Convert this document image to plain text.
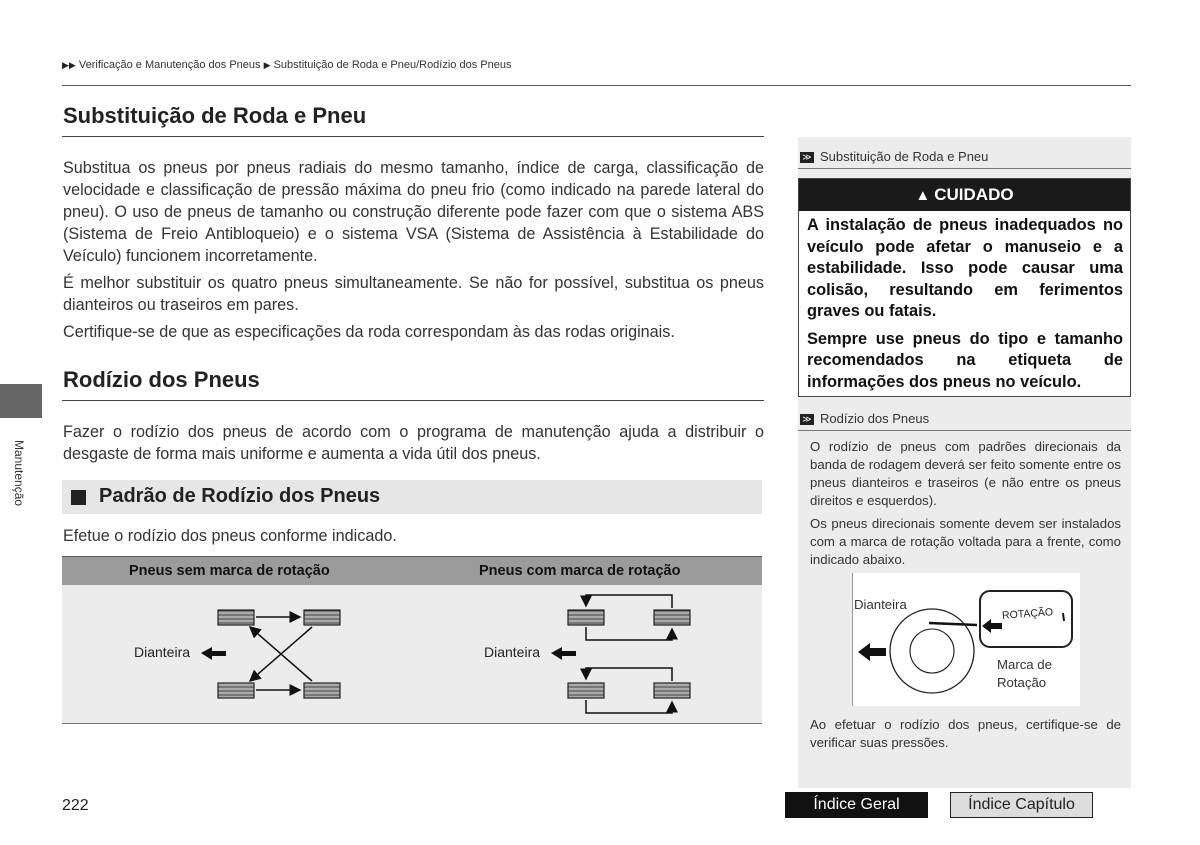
▶▶ Verificação e Manutenção dos Pneus ▶ Substituição de Roda e Pneu/Rodízio dos Pneus
Manutenção
Substituição de Roda e Pneu

Substitua os pneus por pneus radiais do mesmo tamanho, índice de carga, classificação de velocidade e classificação de pressão máxima do pneu frio (como indicado na parede lateral do pneu). O uso de pneus de tamanho ou construção diferente pode fazer com que o sistema ABS (Sistema de Freio Antibloqueio) e o sistema VSA (Sistema de Assistência à Estabilidade do Veículo) funcionem incorretamente.

É melhor substituir os quatro pneus simultaneamente. Se não for possível, substitua os pneus dianteiros ou traseiros em pares.

Certifique-se de que as especificações da roda correspondam às das rodas originais.

Rodízio dos Pneus

Fazer o rodízio dos pneus de acordo com o programa de manutenção ajuda a distribuir o desgaste de forma mais uniforme e aumenta a vida útil dos pneus.

Padrão de Rodízio dos Pneus

Efetue o rodízio dos pneus conforme indicado.

Pneus sem marca de rotação	Pneus com marca de rotação
Dianteira	Dianteira
≫ Substituição de Roda e Pneu
▲ CUIDADO

A instalação de pneus inadequados no veículo pode afetar o manuseio e a estabilidade. Isso pode causar uma colisão, resultando em ferimentos graves ou fatais.

Sempre use pneus do tipo e tamanho recomendados na etiqueta de informações dos pneus no veículo.

≫ Rodízio dos Pneus

O rodízio de pneus com padrões direcionais da banda de rodagem deverá ser feito somente entre os pneus dianteiros e traseiros (e não entre os pneus direitos e esquerdos).

Os pneus direcionais somente devem ser instalados com a marca de rotação voltada para a frente, como indicado abaixo.

Dianteira
ROTAÇÃO
Marca de
Rotação

Ao efetuar o rodízio dos pneus, certifique-se de verificar suas pressões.

222	Índice Geral	Índice Capítulo
